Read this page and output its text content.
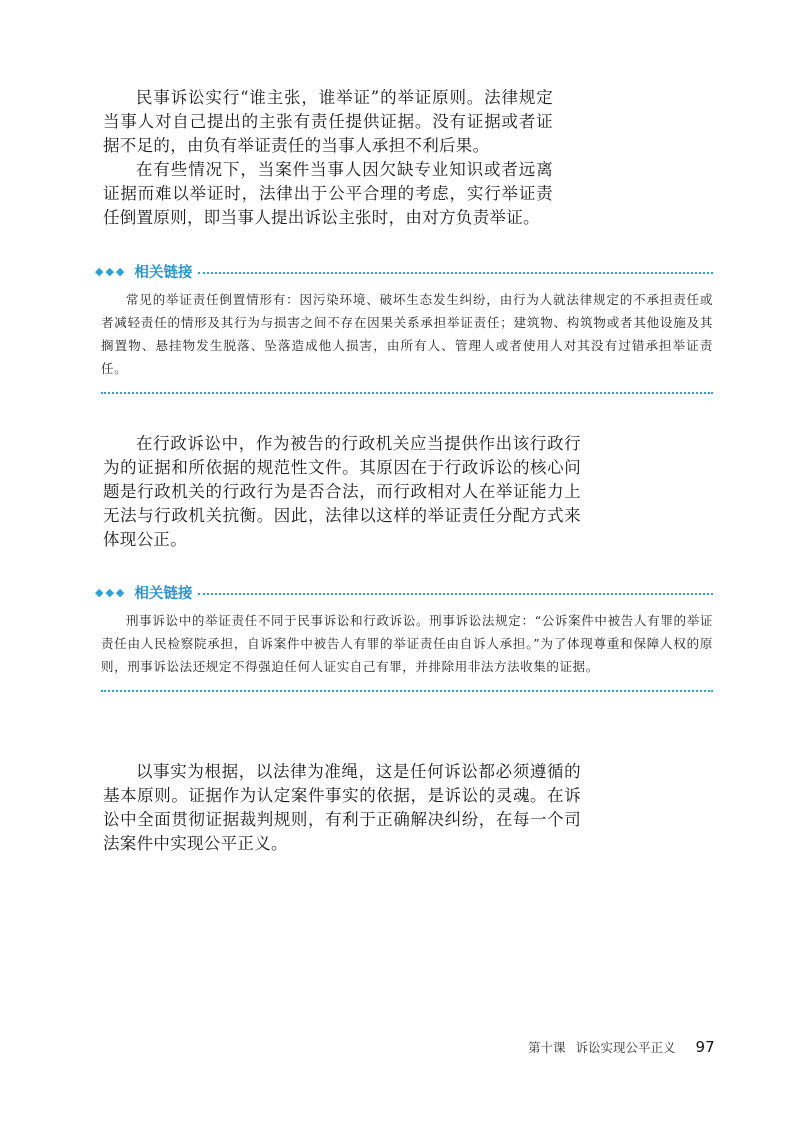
民事诉讼实行“谁主张，谁举证”的举证原则。法律规定当事人对自己提出的主张有责任提供证据。没有证据或者证据不足的，由负有举证责任的当事人承担不利后果。

在有些情况下，当案件当事人因欠缺专业知识或者远离证据而难以举证时，法律出于公平合理的考虑，实行举证责任倒置原则，即当事人提出诉讼主张时，由对方负责举证。

◆◆◆ 相关链接

常见的举证责任倒置情形有：因污染环境、破坏生态发生纠纷，由行为人就法律规定的不承担责任或者减轻责任的情形及其行为与损害之间不存在因果关系承担举证责任；建筑物、构筑物或者其他设施及其搁置物、悬挂物发生脱落、坠落造成他人损害，由所有人、管理人或者使用人对其没有过错承担举证责任。

在行政诉讼中，作为被告的行政机关应当提供作出该行政行为的证据和所依据的规范性文件。其原因在于行政诉讼的核心问题是行政机关的行政行为是否合法，而行政相对人在举证能力上无法与行政机关抗衡。因此，法律以这样的举证责任分配方式来体现公正。

◆◆◆ 相关链接

刑事诉讼中的举证责任不同于民事诉讼和行政诉讼。刑事诉讼法规定：“公诉案件中被告人有罪的举证责任由人民检察院承担，自诉案件中被告人有罪的举证责任由自诉人承担。”为了体现尊重和保障人权的原则，刑事诉讼法还规定不得强迫任何人证实自己有罪，并排除用非法方法收集的证据。

以事实为根据，以法律为准绳，这是任何诉讼都必须遵循的基本原则。证据作为认定案件事实的依据，是诉讼的灵魂。在诉讼中全面贯彻证据裁判规则，有利于正确解决纠纷，在每一个司法案件中实现公平正义。

第十课 诉讼实现公平正义 97
